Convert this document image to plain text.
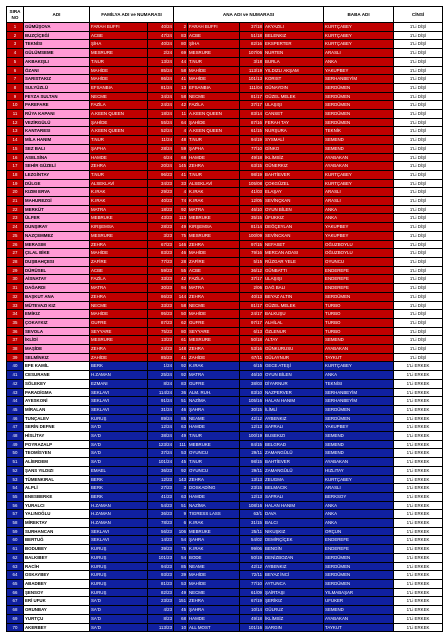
SIRA NO	ADI	FAMİLYA ADI ve NUMARASI		ANA ADI ve NUMARASI				BABA ADI	CİNSİ
1	GÜMÜŞOVA	FARAH BUFFI	40/24	2	FARAH BUFFI	37/18	AKYAZILI	KURTÇABEY	1'Li DİŞİ
2	BUZÇİÇEĞİ	ACBE	47/24	83	ACBE	51/18	BELENKIZ	KURTÇABEY	1'Li DİŞİ
3	TEKNİSI	ŞİHA	40/24	80	ŞİHA	82/16	EKSPERTER	KURTÇABEY	1'Li DİŞİ
4	GÜLÜMSEME	MESRURE	2/24	69	MESRURE	107/06	NURTEN	ARASLI	1'Li DİŞİ
5	AKBAKIŞLI	T.NUR	13/24	44	T.NUR	3/18	BURLA	ANKA	1'Li DİŞİ
6	ÖZANI	MAHİDE	85/24	58	MAHİDE	113/19	YILDIZLI AKŞAM	YAKUPBEY	1'Li DİŞİ
7	SARISTAKIZ	MAHİDE	86/24	41	MAHİDE	101/13	KORIST	SERHANBEYİM	1'Li DİŞİ
8	SULYÜZLÜ	EFSANBIA	81/24	13	EFSANBIA	111/04	GÜNAYDIN	SERDÜMEN	1'Li DİŞİ
9	FEYZA SULTAN	NECME	34/24	58	NECME	81/17	GÜZEL MELEK	SERDÜMEN	1'Li DİŞİ
10	PAREFARE	FAZİLA	24/24	42	FAZİLA	37/17	ULAŞIŞI	SERDÜMEN	1'Li DİŞİ
11	RÜYA KAPANI	A.KEEN QUEEN	18/24	11	A.KEEN QUEEN	83/14	CANSET	SERDÜMEN	1'Li DİŞİ
12	VEZİRGÜLÜ	ŞAHİDE	55/24	64	ŞAHİDE	87/16	FERAH TAY	SERDÜMEN	1'Li DİŞİ
13	KANTARESI	A.KEEN QUEEN	52/24	4	A.KEEN QUEEN	61/15	NURŞURA	TEKNİK	1'Li DİŞİ
14	MİLA HANIM	T.NUR	11/24	48	T.NUR	94/19	SYSMALİ	SEMEND	1'Li DİŞİ
15	SEZ BALI	ŞAPHA	28/24	59	ŞAPHA	77/10	GİNKO	SEMEND	1'Li DİŞİ
16	ASELSİNA	HAMDE	6/24	68	HAMDE	49/18	İKLİMSİZ	AYABAKAN	1'Li DİŞİ
17	SEHİR GÜZELİ	ZEHRA	20/24	145	ZEHRA	63/15	GÜNERKIZ	AYABAKAN	1'Li DİŞİ
18	LEZGİNTAY	T.NUR	96/23	41	T.NUR	98/19	BAHTİEVER	KURTÇABEY	1'Li DİŞİ
19	DÜLGE	ALSEKLAVİ	34/23	33	ALSEKLAVİ	105/08	ÇOKGÜZEL	KURTÇABEY	1'Li DİŞİ
20	KIZIM ERVA	K.IRAK	29/23	4	K.IRAK	41/03	ELAŞAY	ARASLI	1'Li DİŞİ
21	MAHUREZGİ	K.IRAK	40/23	74	K.IRAK	12/05	SEVİNÇKAN	ARASLI	1'Li DİŞİ
22	MERKÜT	MATRA	18/23	92	MATRA	46/10	OYUN BİLEN	ANKA	1'Li DİŞİ
23	ÜLFER	MEBRUKE	43/23	113	MEBRUKE	35/15	ÜFUKKIZ	ANKA	1'Li DİŞİ
24	DUNŞIRAY	KIRŞEMSA	28/23	49	KIRŞEMSA	81/14	DEĞÇEYLAN	YAKUPBEY	1'Li DİŞİ
25	NAZÇEMMEZ	MESRURE	3/23	75	MESRURE	100/09	SEVİNCKAN	YAKUPBEY	1'Li DİŞİ
26	MERASIM	ZEHRA	67/23	146	ZEHRA	97/15	NEFASET	OĞUZBOYLU	1'Li DİŞİ
27	ÇILAL BİKE	MAHİDE	83/23	46	MAHİDE	79/16	MERCAN ADASI	OĞUZBOYLU	1'Li DİŞİ
28	DUŞBAHÇESI	ZAFİRE	77/23	28	ZAFİRE	5/15	RÜZGAR YELE	OYUNCU	1'Li DİŞİ
29	DÜRÜSEL	ACBE	59/23	55	ACBE	36/12	GÜNBATTI	ENDEREFE	1'Li DİŞİ
30	AİSNATAY	FAZİLA	33/23	42	FAZİLA	37/17	ULAŞIŞI	ENDEREFE	1'Li DİŞİ
31	DAĞARDI	MATRA	30/23	94	MATRA	2/06	DAĞ BALI	ENDEREFE	1'Li DİŞİ
32	BAŞKUT ANA	ZEHRA	86/23	144	ZEHRA	40/13	BEYAZ ALTIN	SERDÜMEN	1'Li DİŞİ
33	MÜTEVAZI KIZ	NECME	33/23	58	NECME	81/17	GÜZEL MELEK	TURBO	1'Li DİŞİ
34	EMİKIZ	MAHİDE	95/23	50	MAHİDE	24/17	BALKUŞU	TURBO	1'Li DİŞİ
35	ÇOKAYKIZ	GUFRE	87/23	62	GUFRE	97/17	ALHİLAL	TURBO	1'Li DİŞİ
36	SEVOLA	SEYYARE	75/23	80	SEYYARE	6/13	ÖZLENUR	TURBO	1'Li DİŞİ
37	İKLİDİ	MESRURE	13/23	61	MESRURE	50/18	ALTAY	SEMEND	1'Li DİŞİ
38	MAŞİDE	ZEHRA	24/23	148	ZEHRA	53/16	GÜNKURUSU	AYABAKAN	1'Li DİŞİ
39	SELMİNKIZ	ZAHİDE	85/23	41	ZAHİDE	67/11	GÜLAYNUR	TAYKUT	1'Li DİŞİ
40	EFE KAMİL	BERK	1/24	92	K.IRAK	6/15	GECE ATEŞİ	KURTÇABEY	1'Li ERKEK
41	CESURANE	H.ZAMAN	25/24	92	MATRA	46/10	OYUN BİLEN	ANKA	1'Li ERKEK
42	SÖLEKEY	EZMANI	8/24	83	GUFRE	38/03	DİYARNUR	TEKNİSI	1'Li ERKEK
43	PARADİGMA	SEKLAVI	114/24	36	ALM. RUH.	83/10	NAZPERVER	SERHANBEYİM	1'Li ERKEK
44	AYESKONİ	SEKLAVI	91/24	51	NAZİMA	105/16	HALAN HANIM	SERHANBEYİM	1'Li ERKEK
45	MİRALAN	SEKLAVI	31/24	46	ŞAHRA	30/15	İLİMLİ	SERDÜMEN	1'Li ERKEK
46	TUNÇALEV	KURUŞ	89/24	85	NEAME	42/12	AYBENKIZ	SERDÜMEN	1'Li ERKEK
47	SERİN DEFNE	SA'D	12/24	63	HAMDE	12/13	SAFRALI	YAKUPBEY	1'Li ERKEK
48	HİSLİTAY	SA'D	38/24	49	T.NUR	100/19	BUSEKIZI	SEMEND	1'Li ERKEK
49	POYRAZALP	SA'D	123/24	111	MEBRUKE	84/15	BELGRAD	SEMEND	1'Li ERKEK
50	TEOMİSYEN	SA'D	37/24	53	OYUNCU	29/11	ZAMANGÜLÜ	SEMEND	1'Li ERKEK
51	ALİERDEM	SA'D	101/24	45	T.NUR	98/15	BAHTİEVER	AYABAKAN	1'Li ERKEK
52	ŞANS YILDIZI	EMAEL	36/23	92	OYUNCU	29/11	ZAMANGÜLÜ	HIZLITAY	1'Li ERKEK
53	TÜMENKIRAL	BERK	12/23	143	ZEHRA	13/13	ZEUGMA	KURTÇABEY	1'Li ERKEK
54	ALPLİ	BERK	27/23	3	DOSKADİNG	23/15	BELMACIK	ARASLI	1'Li ERKEK
55	ENESBERKE	BERK	41/23	63	HAMDE	12/13	SAFRALI	BERKSOY	1'Li ERKEK
56	YURALCI	H.ZAMAN	54/23	51	NAZİMA	108/16	HALAN HANIM	ANKA	1'Li ERKEK
57	YALINOĞLU	H.ZAMAN	36/23	9	TIGRESS LASS	63/1	DAVA	ANKA	1'Li ERKEK
58	MİREKTAY	H.ZAMAN	78/23	6	K.IRAK	31/15	BALCI	ANKA	1'Li ERKEK
59	SURHANCAN	SEKLAVI	56/23	106	MEBRUKE	25/11	NIKUŞKIZ	ORÇUN	1'Li ERKEK
60	BERTUĞ	SEKLAVI	14/23	54	ŞAHRA	54/02	DEMİRÇİÇEK	ENDEREFE	1'Li ERKEK
61	BODUBEY	KURUŞ	39/23	75	K.IRAK	99/06	BENGİN	ENDEREFE	1'Li ERKEK
62	BALKIBEY	KURUŞ	101/23	54	BODE	50/19	DENİZBOZAN	SERDÜMEN	1'Li ERKEK
63	RACİH	KURUŞ	94/23	85	NEAME	42/12	AYBENKIZ	SERDÜMEN	1'Li ERKEK
64	OSKAYBEY	KURUŞ	93/23	39	MAHİDE	72/11	BEYAZ İNCİ	SERDÜMEN	1'Li ERKEK
65	ABADBEY	KURUŞ	81/23	53	MAHİDE	77/10	AYTUNCA	SERDÜMEN	1'Li ERKEK
66	ŞENSOY	KURUŞ	82/23	49	NECME	61/09	ŞAİRTAŞI	YILMABAŞAR	1'Li ERKEK
67	ERİ UFUK	SA'D	23/23	151	ZEHRA	67/19	ŞERİKIZ	UFUKER	1'Li ERKEK
68	ORUNBAY	SA'D	4/23	45	ŞAHRA	10/14	GÜLRUZ	SEMEND	1'Li ERKEK
69	YURTÇU	SA'D	8/23	68	HAMDE	49/18	İKLİMSİZ	AYABAKAN	1'Li ERKEK
70	AKERBEY	SA'D	113/23	10	ALL MOST	101/16	SARGIN	TAYKUT	1'Li ERKEK
